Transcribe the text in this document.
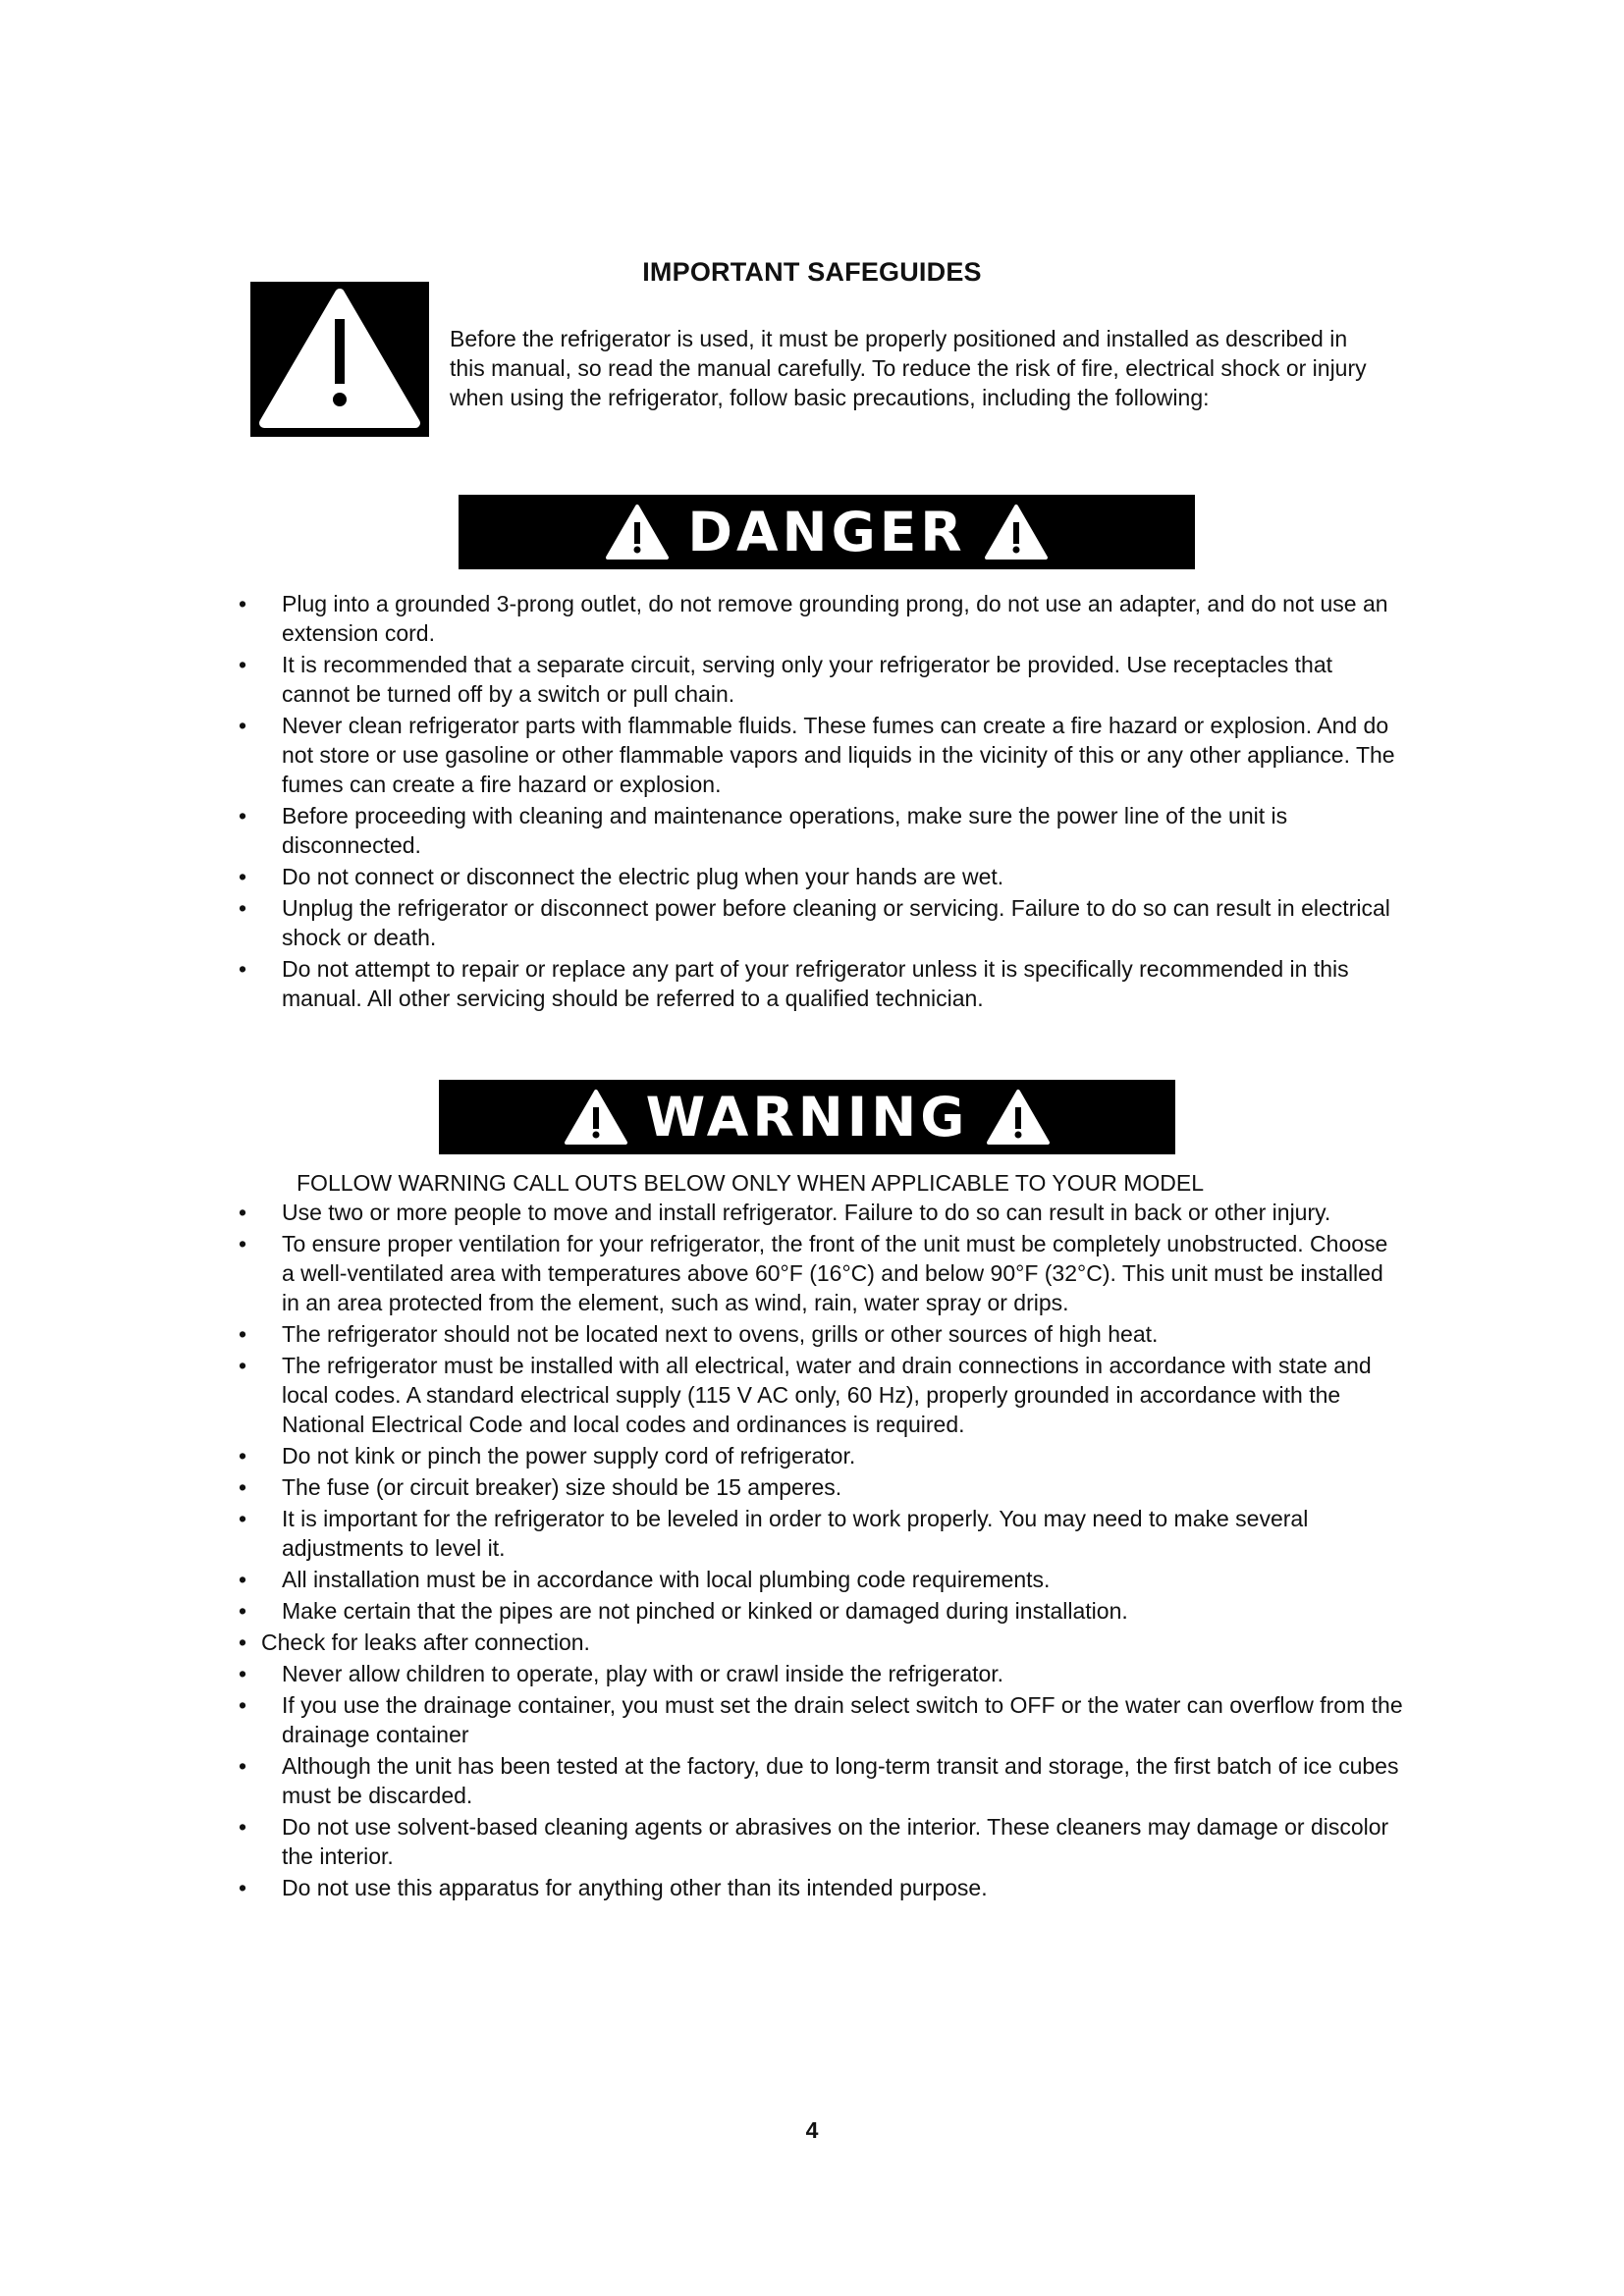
IMPORTANT SAFEGUIDES
Before the refrigerator is used, it must be properly positioned and installed as described in this manual, so read the manual carefully. To reduce the risk of fire, electrical shock or injury when using the refrigerator, follow basic precautions, including the following:
DANGER
• Plug into a grounded 3-prong outlet, do not remove grounding prong, do not use an adapter, and do not use an extension cord.
• It is recommended that a separate circuit, serving only your refrigerator be provided. Use receptacles that cannot be turned off by a switch or pull chain.
• Never clean refrigerator parts with flammable fluids. These fumes can create a fire hazard or explosion. And do not store or use gasoline or other flammable vapors and liquids in the vicinity of this or any other appliance. The fumes can create a fire hazard or explosion.
• Before proceeding with cleaning and maintenance operations, make sure the power line of the unit is disconnected.
• Do not connect or disconnect the electric plug when your hands are wet.
• Unplug the refrigerator or disconnect power before cleaning or servicing. Failure to do so can result in electrical shock or death.
• Do not attempt to repair or replace any part of your refrigerator unless it is specifically recommended in this manual. All other servicing should be referred to a qualified technician.
WARNING
FOLLOW WARNING CALL OUTS BELOW ONLY WHEN APPLICABLE TO YOUR MODEL
• Use two or more people to move and install refrigerator. Failure to do so can result in back or other injury.
• To ensure proper ventilation for your refrigerator, the front of the unit must be completely unobstructed. Choose a well-ventilated area with temperatures above 60°F (16°C) and below 90°F (32°C). This unit must be installed in an area protected from the element, such as wind, rain, water spray or drips.
• The refrigerator should not be located next to ovens, grills or other sources of high heat.
• The refrigerator must be installed with all electrical, water and drain connections in accordance with state and local codes. A standard electrical supply (115 V AC only, 60 Hz), properly grounded in accordance with the National Electrical Code and local codes and ordinances is required.
• Do not kink or pinch the power supply cord of refrigerator.
• The fuse (or circuit breaker) size should be 15 amperes.
• It is important for the refrigerator to be leveled in order to work properly. You may need to make several adjustments to level it.
• All installation must be in accordance with local plumbing code requirements.
• Make certain that the pipes are not pinched or kinked or damaged during installation.
• Check for leaks after connection.
• Never allow children to operate, play with or crawl inside the refrigerator.
• If you use the drainage container, you must set the drain select switch to OFF or the water can overflow from the drainage container
• Although the unit has been tested at the factory, due to long-term transit and storage, the first batch of ice cubes must be discarded.
• Do not use solvent-based cleaning agents or abrasives on the interior. These cleaners may damage or discolor the interior.
• Do not use this apparatus for anything other than its intended purpose.
4
